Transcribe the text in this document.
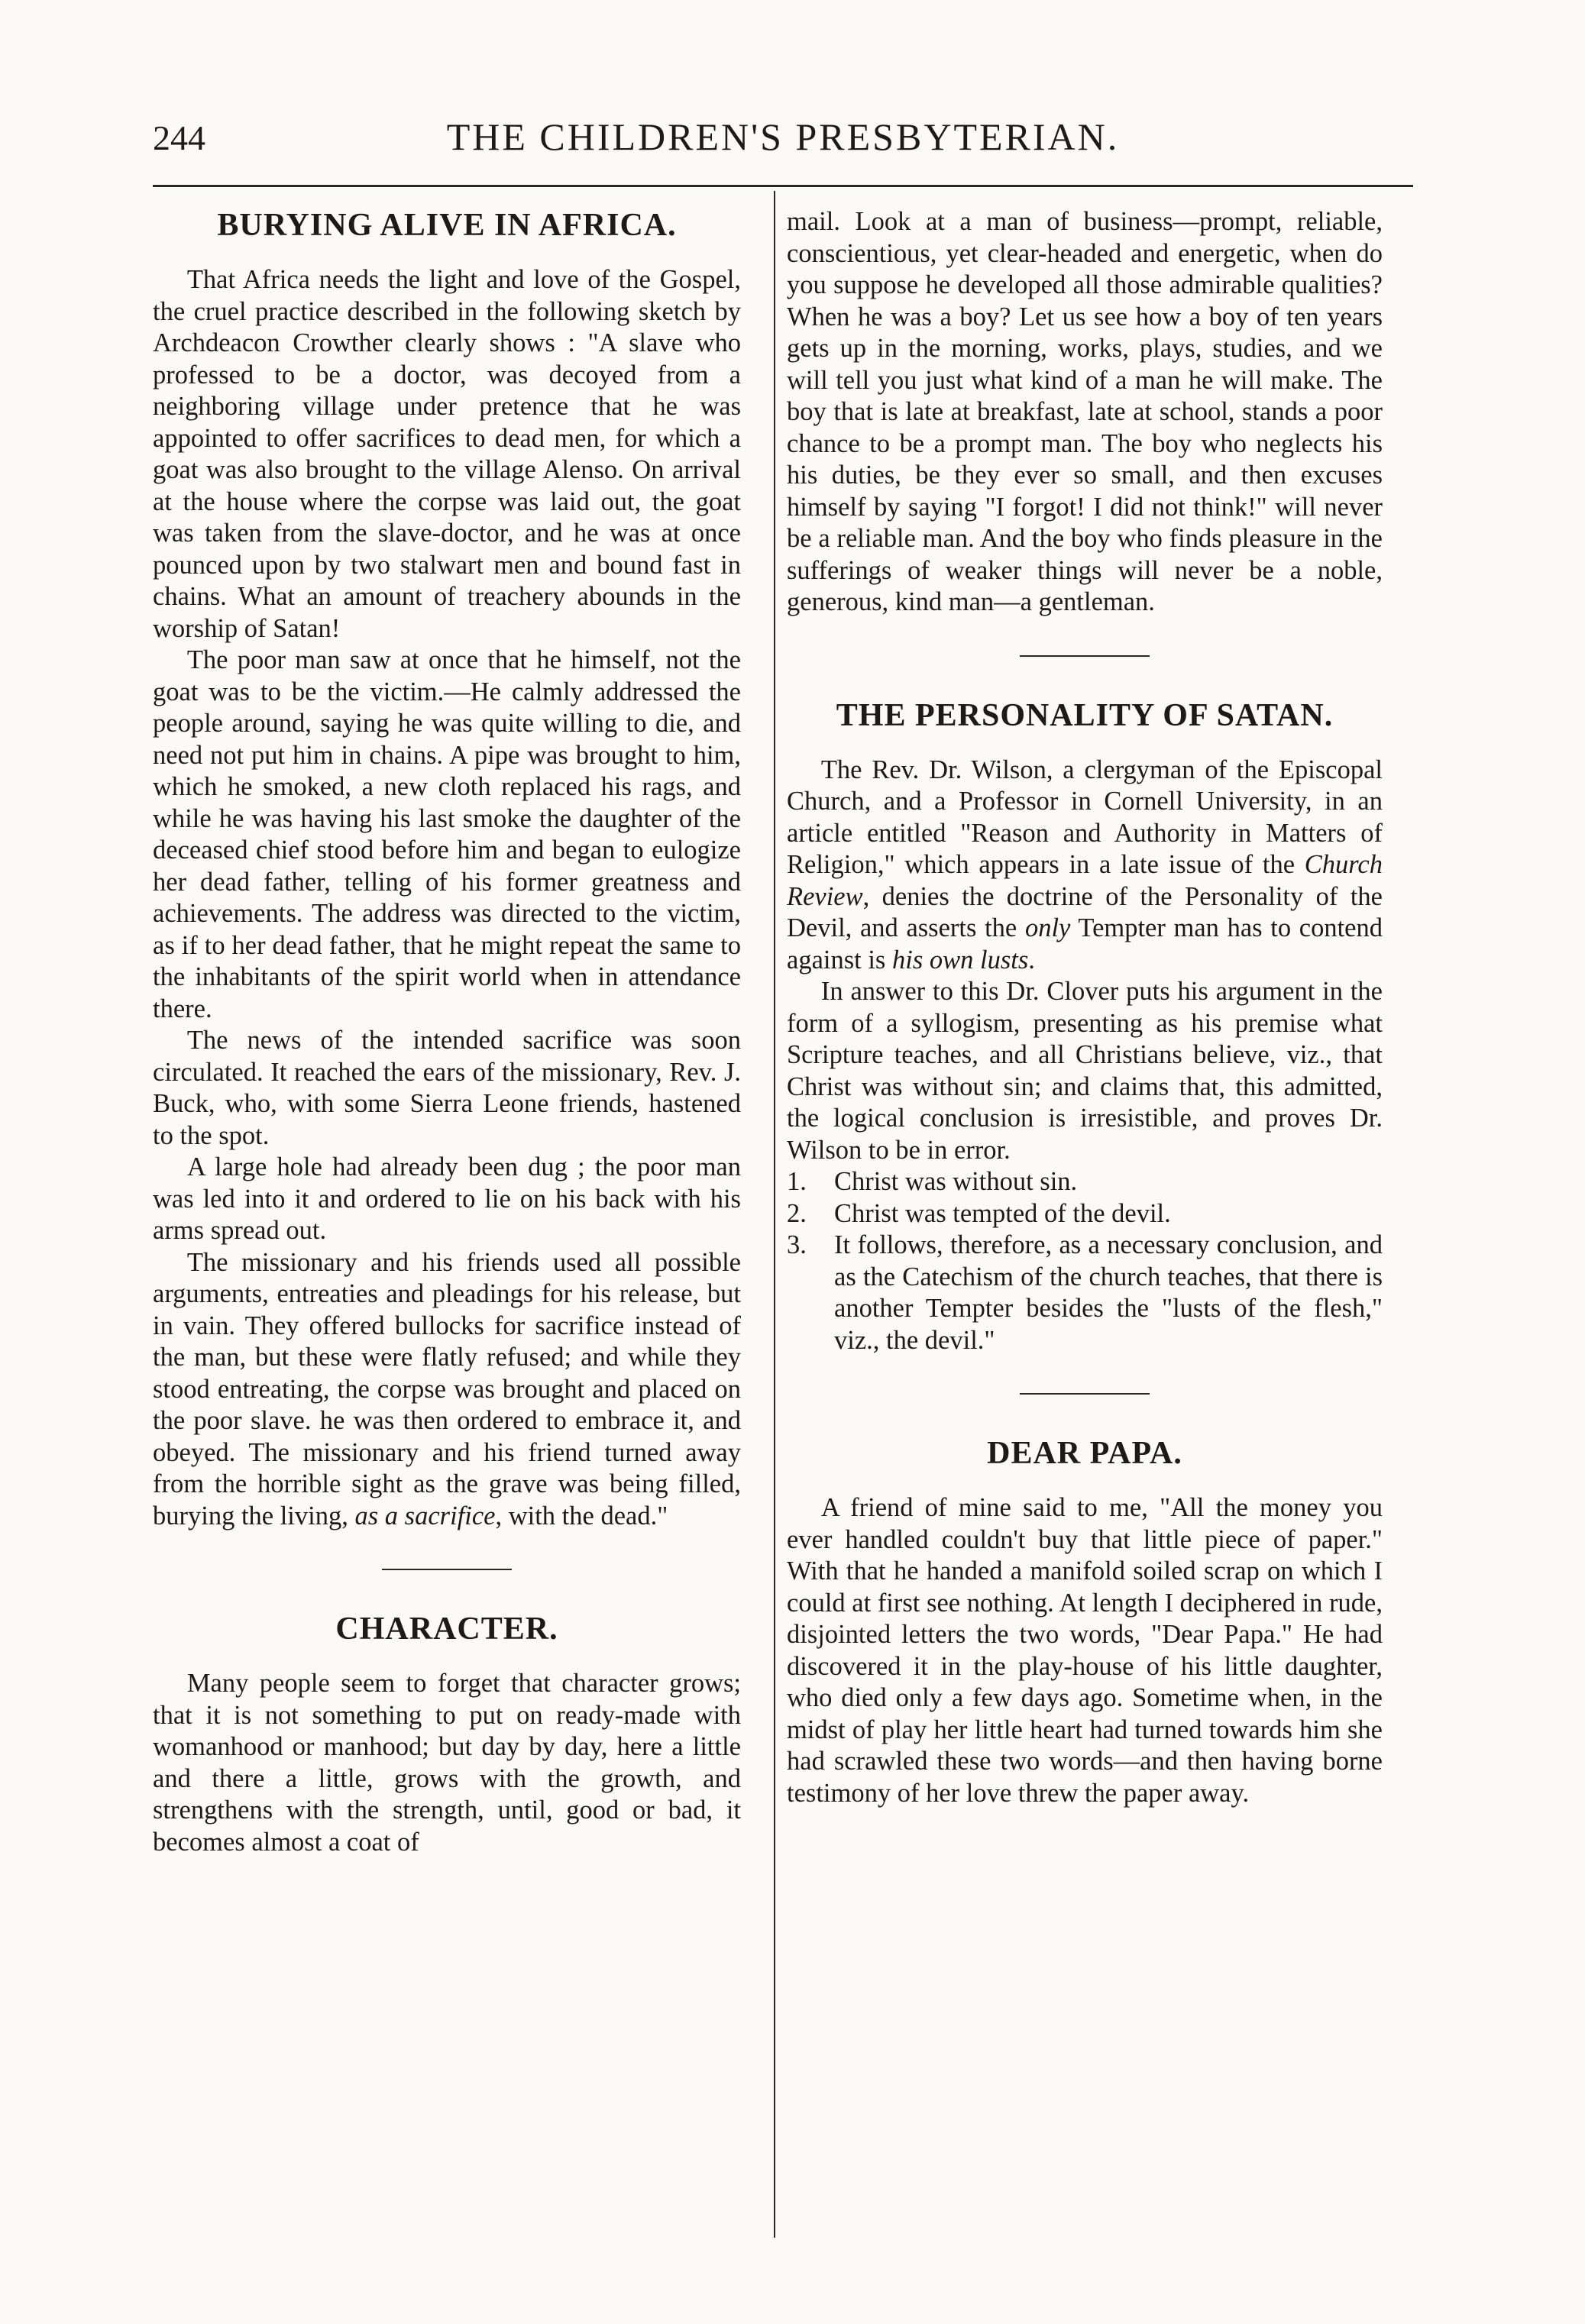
244	THE CHILDREN'S PRESBYTERIAN.
BURYING ALIVE IN AFRICA.

That Africa needs the light and love of the Gospel, the cruel practice described in the following sketch by Archdeacon Crowther clearly shows : "A slave who professed to be a doctor, was decoyed from a neighboring village under pretence that he was appointed to offer sacrifices to dead men, for which a goat was also brought to the village Alenso. On arrival at the house where the corpse was laid out, the goat was taken from the slave-doctor, and he was at once pounced upon by two stalwart men and bound fast in chains. What an amount of treachery abounds in the worship of Satan!

The poor man saw at once that he himself, not the goat was to be the victim.—He calmly addressed the people around, saying he was quite willing to die, and need not put him in chains. A pipe was brought to him, which he smoked, a new cloth replaced his rags, and while he was having his last smoke the daughter of the deceased chief stood before him and began to eulogize her dead father, telling of his former greatness and achievements. The address was directed to the victim, as if to her dead father, that he might repeat the same to the inhabitants of the spirit world when in attendance there.

The news of the intended sacrifice was soon circulated. It reached the ears of the missionary, Rev. J. Buck, who, with some Sierra Leone friends, hastened to the spot.

A large hole had already been dug ; the poor man was led into it and ordered to lie on his back with his arms spread out.

The missionary and his friends used all possible arguments, entreaties and pleadings for his release, but in vain. They offered bullocks for sacrifice instead of the man, but these were flatly refused; and while they stood entreating, the corpse was brought and placed on the poor slave. he was then ordered to embrace it, and obeyed. The missionary and his friend turned away from the horrible sight as the grave was being filled, burying the living, as a sacrifice, with the dead."

CHARACTER.

Many people seem to forget that character grows; that it is not something to put on ready-made with womanhood or manhood; but day by day, here a little and there a little, grows with the growth, and strengthens with the strength, until, good or bad, it becomes almost a coat of

mail. Look at a man of business—prompt, reliable, conscientious, yet clear-headed and energetic, when do you suppose he developed all those admirable qualities? When he was a boy? Let us see how a boy of ten years gets up in the morning, works, plays, studies, and we will tell you just what kind of a man he will make. The boy that is late at breakfast, late at school, stands a poor chance to be a prompt man. The boy who neglects his his duties, be they ever so small, and then excuses himself by saying "I forgot! I did not think!" will never be a reliable man. And the boy who finds pleasure in the sufferings of weaker things will never be a noble, generous, kind man—a gentleman.

THE PERSONALITY OF SATAN.

The Rev. Dr. Wilson, a clergyman of the Episcopal Church, and a Professor in Cornell University, in an article entitled "Reason and Authority in Matters of Religion," which appears in a late issue of the Church Review, denies the doctrine of the Personality of the Devil, and asserts the only Tempter man has to contend against is his own lusts.

In answer to this Dr. Clover puts his argument in the form of a syllogism, presenting as his premise what Scripture teaches, and all Christians believe, viz., that Christ was without sin; and claims that, this admitted, the logical conclusion is irresistible, and proves Dr. Wilson to be in error.

1.	Christ was without sin.
2.	Christ was tempted of the devil.
3.	It follows, therefore, as a necessary conclusion, and as the Catechism of the church teaches, that there is another Tempter besides the "lusts of the flesh," viz., the devil."
DEAR PAPA.

A friend of mine said to me, "All the money you ever handled couldn't buy that little piece of paper." With that he handed a manifold soiled scrap on which I could at first see nothing. At length I deciphered in rude, disjointed letters the two words, "Dear Papa." He had discovered it in the play-house of his little daughter, who died only a few days ago. Sometime when, in the midst of play her little heart had turned towards him she had scrawled these two words—and then having borne testimony of her love threw the paper away.
